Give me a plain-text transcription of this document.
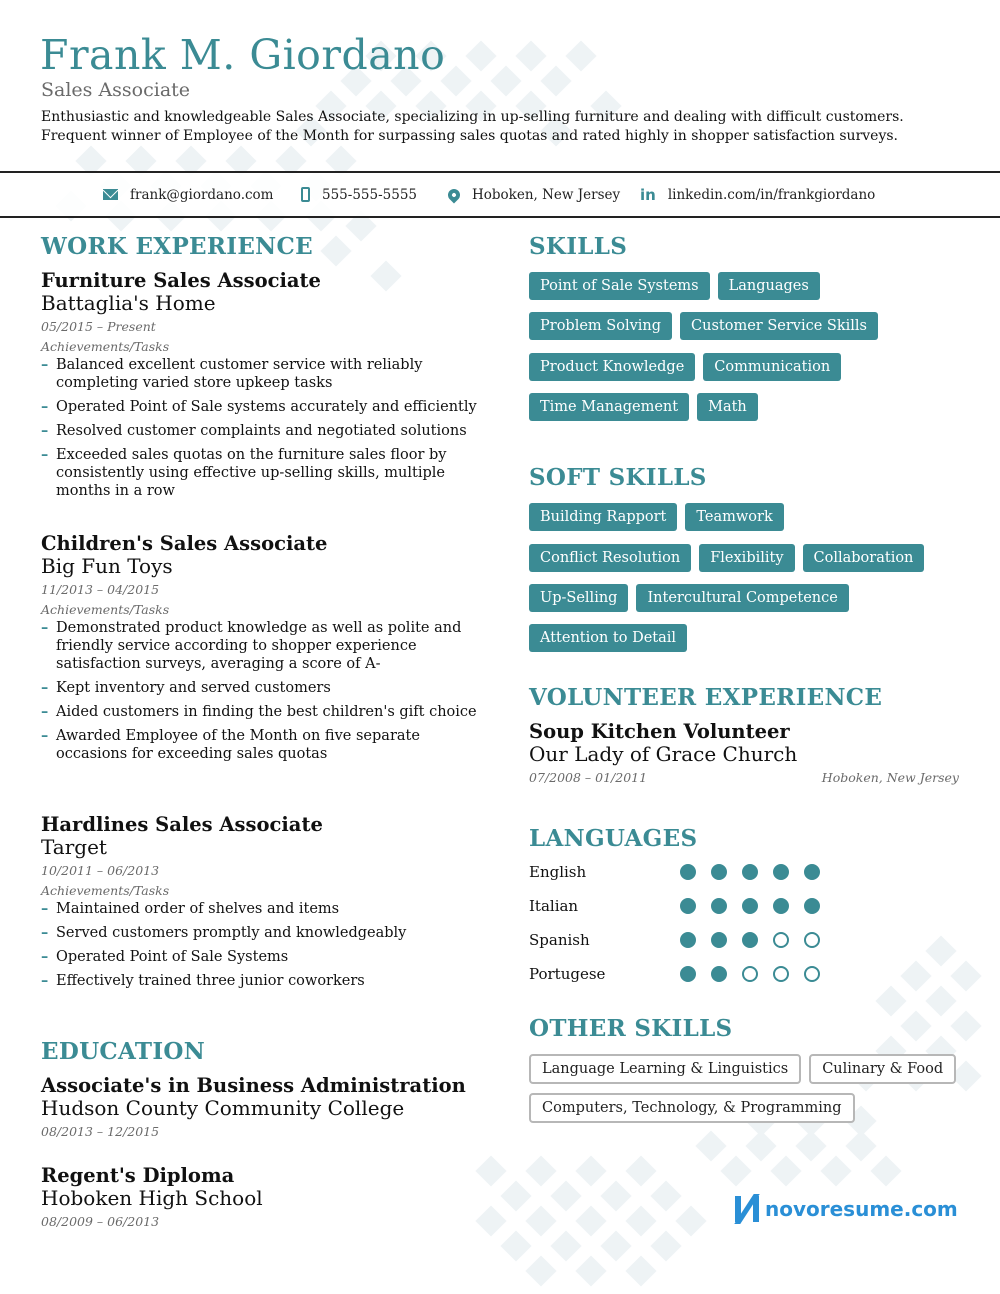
Frank M. Giordano
Sales Associate
Enthusiastic and knowledgeable Sales Associate, specializing in up-selling furniture and dealing with difficult customers. Frequent winner of Employee of the Month for surpassing sales quotas and rated highly in shopper satisfaction surveys.
frank@giordano.com	555-555-5555	Hoboken, New Jersey in linkedin.com/in/frankgiordano
WORK EXPERIENCE
Furniture Sales Associate
Battaglia's Home
05/2015 – Present
Achievements/Tasks
– Balanced excellent customer service with reliably completing varied store upkeep tasks
– Operated Point of Sale systems accurately and efficiently
– Resolved customer complaints and negotiated solutions
– Exceeded sales quotas on the furniture sales floor by consistently using effective up-selling skills, multiple months in a row
Children's Sales Associate
Big Fun Toys
11/2013 – 04/2015
Achievements/Tasks
– Demonstrated product knowledge as well as polite and friendly service according to shopper experience satisfaction surveys, averaging a score of A-
– Kept inventory and served customers
– Aided customers in finding the best children's gift choice
– Awarded Employee of the Month on five separate occasions for exceeding sales quotas
Hardlines Sales Associate
Target
10/2011 – 06/2013
Achievements/Tasks
– Maintained order of shelves and items
– Served customers promptly and knowledgeably
– Operated Point of Sale Systems
– Effectively trained three junior coworkers
EDUCATION
Associate's in Business Administration
Hudson County Community College
08/2013 – 12/2015
Regent's Diploma
Hoboken High School
08/2009 – 06/2013
SKILLS
Point of Sale Systems	Languages
Problem Solving	Customer Service Skills
Product Knowledge	Communication
Time Management	Math
SOFT SKILLS
Building Rapport	Teamwork
Conflict Resolution	Flexibility	Collaboration
Up-Selling	Intercultural Competence
Attention to Detail
VOLUNTEER EXPERIENCE
Soup Kitchen Volunteer
Our Lady of Grace Church
07/2008 – 01/2011	Hoboken, New Jersey
LANGUAGES
English
Italian
Spanish
Portugese
OTHER SKILLS
Language Learning & Linguistics	Culinary & Food
Computers, Technology, & Programming
novoresume.com
